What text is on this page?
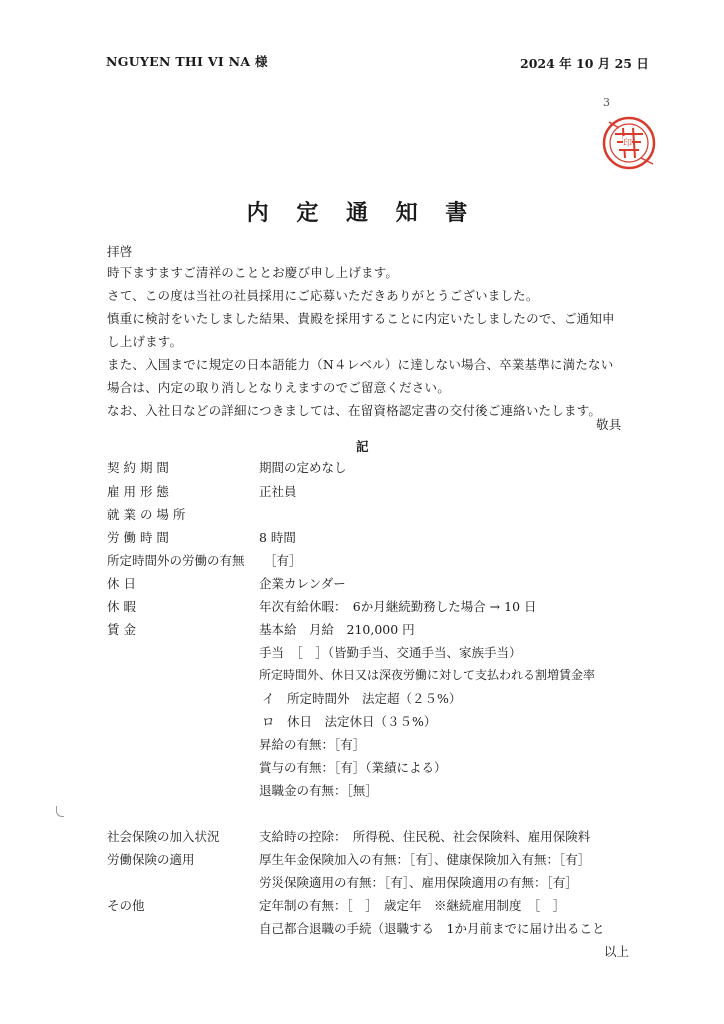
NGUYEN THI VI NA 様	2024 年 10 月 25 日
3
印
内 定 通 知 書
拝啓
時下ますますご清祥のこととお慶び申し上げます。
さて、この度は当社の社員採用にご応募いただきありがとうございました。
慎重に検討をいたしました結果、貴殿を採用することに内定いたしましたので、ご通知申
し上げます。
また、入国までに規定の日本語能力（N４レベル）に達しない場合、卒業基準に満たない
場合は、内定の取り消しとなりえますのでご留意ください。
なお、入社日などの詳細につきましては、在留資格認定書の交付後ご連絡いたします。
敬具
記
契 約 期 間	期間の定めなし
雇 用 形 態	正社員
就 業 の 場 所
労 働 時 間	8 時間
所定時間外の労働の有無 ［有］
休 日	企業カレンダー
休 暇	年次有給休暇：　6か月継続勤務した場合 → 10 日
賃 金	基本給　月給　210,000 円
手当　［　］（皆勤手当、交通手当、家族手当）
所定時間外、休日又は深夜労働に対して支払われる割増賃金率
イ　所定時間外　法定超（２５%）
ロ　休日　法定休日（３５%）
昇給の有無：［有］
賞与の有無：［有］（業績による）
退職金の有無：［無］
社会保険の加入状況	支給時の控除：　所得税、住民税、社会保険料、雇用保険料
労働保険の適用	厚生年金保険加入の有無：［有］、健康保険加入有無：［有］
労災保険適用の有無：［有］、雇用保険適用の有無：［有］
その他	定年制の有無：［　］　歳定年　※継続雇用制度　［　］
自己都合退職の手続（退職する　1か月前までに届け出ること
以上
